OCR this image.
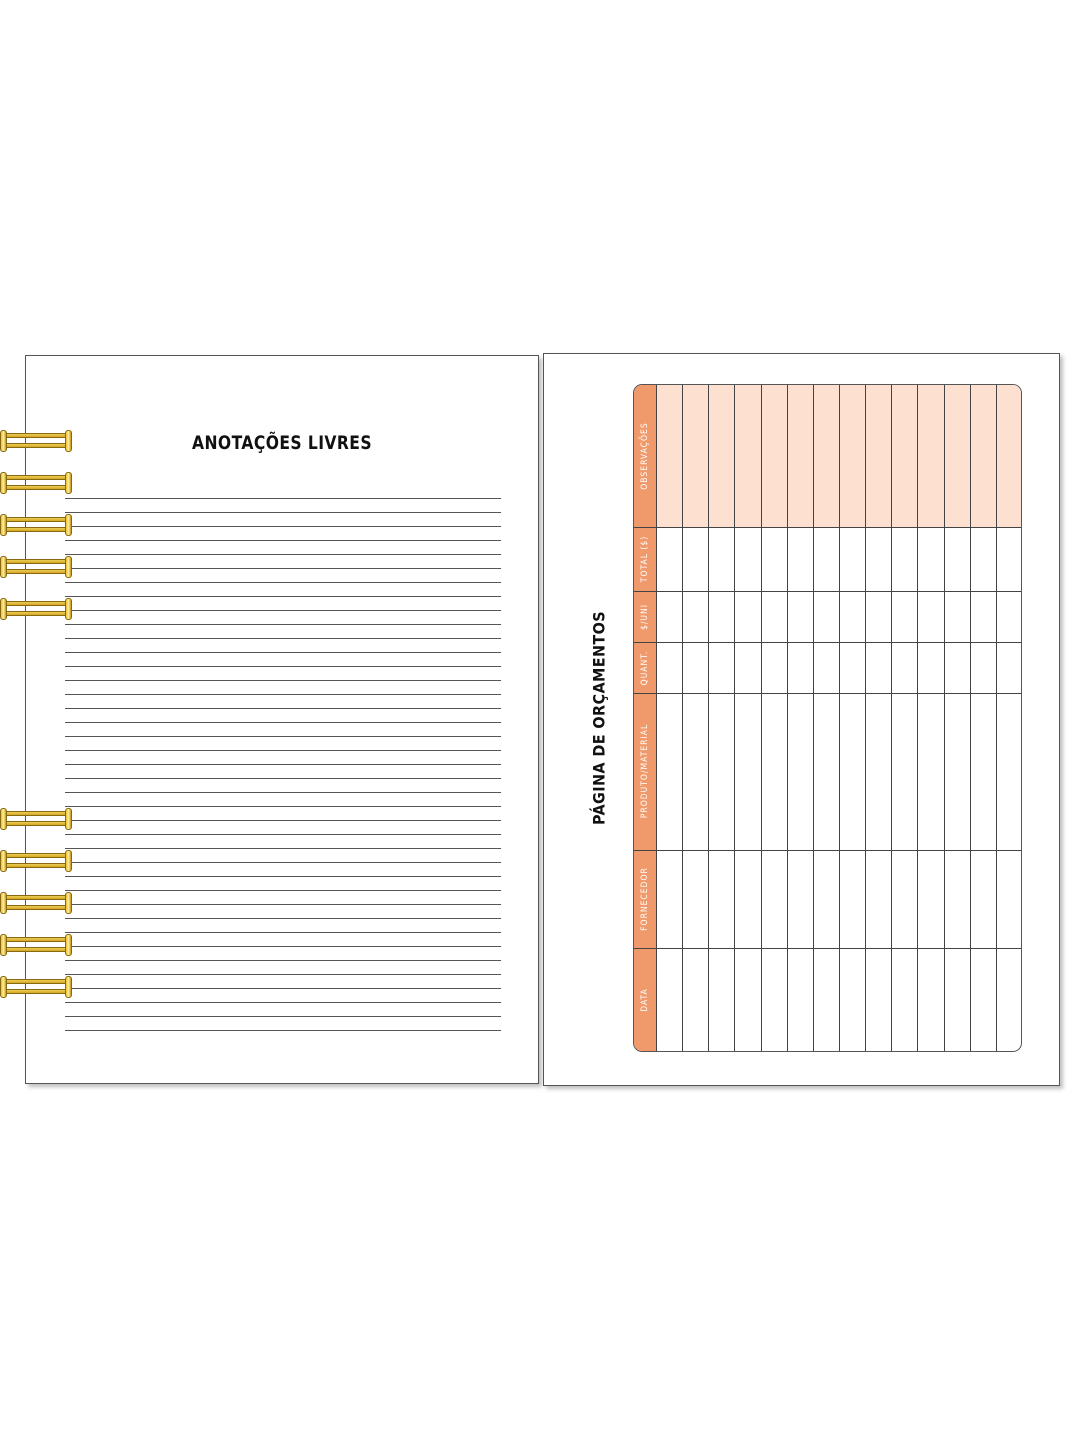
ANOTAÇÕES LIVRES
PÁGINA DE ORÇAMENTOS
OBSERVAÇÕES
TOTAL ($)
$/UNI
QUANT.
PRODUTO/MATERIAL
FORNECEDOR
DATA
